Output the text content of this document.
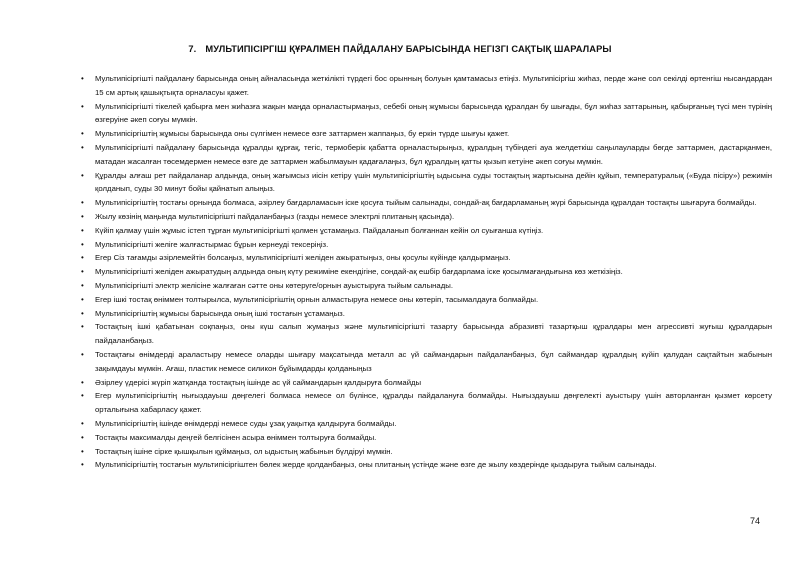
7. МУЛЬТИПІСІРГІШ ҚҰРАЛМЕН ПАЙДАЛАНУ БАРЫСЫНДА НЕГІЗГІ САҚТЫҚ ШАРАЛАРЫ
• Мультипісіргішті пайдалану барысында оның айналасында жеткілікті түрдегі бос орынның болуын қамтамасыз етіңіз. Мультипісіргіш жиһаз, перде және сол секілді өртенгіш нысандардан 15 см артық қашықтықта орналасуы қажет.
• Мультипісіргішті тікелей қабырға мен жиһазға жақын маңда орналастырмаңыз, себебі оның жұмысы барысында құралдан бу шығады, бұл жиһаз заттарының, қабырғаның түсі мен түрінің өзгеруіне әкеп соғуы мүмкін.
• Мультипісіргіштің жұмысы барысында оны сүлгімен немесе өзге заттармен жаппаңыз, бу еркін түрде шығуы қажет.
• Мультипісіргішті пайдалану барысында құралды құрғақ, тегіс, термоберік қабатта орналастырыңыз, құралдың түбіндегі ауа желдеткіш саңылауларды бөгде заттармен, дастарқанмен, матадан жасалған төсемдермен немесе өзге де заттармен жабылмауын қадағалаңыз, бұл құралдың қатты қызып кетуіне әкеп соғуы мүмкін.
• Құралды алғаш рет пайдаланар алдында, оның жағымсыз иісін кетіру үшін мультипісіргіштің ыдысына суды тостақтың жартысына дейін құйып, температуралық («Буда пісіру») режимін қолданып, суды 30 минут бойы қайнатып алыңыз.
• Мультипісіргіштің тостағы орнында болмаса, әзірлеу бағдарламасын іске қосуға тыйым салынады, сондай-ақ бағдарламаның жүрі барысында құралдан тостақты шығаруға болмайды.
• Жылу көзінің маңында мультипісіргішті пайдаланбаңыз (газды немесе электрлі плитаның қасында).
• Күйіп қалмау үшін жұмыс істеп тұрған мультипісіргішті қолмен ұстамаңыз. Пайдаланып болғаннан кейін ол суығанша күтіңіз.
• Мультипісіргішті желіге жалғастырмас бұрын кернеуді тексеріңіз.
• Егер Сіз тағамды әзірлемейтін болсаңыз, мультипісіргішті желіден ажыратыңыз, оны қосулы күйінде қалдырмаңыз.
• Мультипісіргішті желіден ажыратудың алдында оның күту режиміне екендігіне, сондай-ақ ешбір бағдарлама іске қосылмағандығына көз жеткізіңіз.
• Мультипісіргішті электр желісіне жалғаған сәтте оны көтеруге/орнын ауыстыруға тыйым салынады.
• Егер ішкі тостақ өніммен толтырылса, мультипісіргіштің орнын алмастыруға немесе оны көтеріп, тасымалдауға болмайды.
• Мультипісіргіштің жұмысы барысында оның ішкі тостағын ұстамаңыз.
• Тостақтың ішкі қабатынан соқпаңыз, оны күш салып жумаңыз және мультипісіргішті тазарту барысында абразивті тазартқыш құралдары мен агрессивті жуғыш құралдарын пайдаланбаңыз.
• Тостақтағы өнімдерді араластыру немесе оларды шығару мақсатында металл ас үй саймандарын пайдаланбаңыз, бұл саймандар құралдың күйіп қалудан сақтайтын жабынын зақымдауы мүмкін. Ағаш, пластик немесе силикон бұйымдарды қолданыңыз
• Әзірлеу үдерісі жүріп жатқанда тостақтың ішінде ас үй саймандарын қалдыруға болмайды
• Егер мультипісіргіштің нығыздауыш дөңгелегі болмаса немесе ол бүлінсе, құралды пайдалануға болмайды. Нығыздауыш дөңгелекті ауыстыру үшін авторланған қызмет көрсету орталығына хабарласу қажет.
• Мультипісіргіштің ішінде өнімдерді немесе суды ұзақ уақытқа қалдыруға болмайды.
• Тостақты максималды деңгей белгісінен асыра өніммен толтыруға болмайды.
• Тостақтың ішіне сірке қышқылын құймаңыз, ол ыдыстың жабынын бүлдіруі мүмкін.
• Мультипісіргіштің тостағын мультипісіргіштен бөлек жерде қолданбаңыз, оны плитаның үстінде және өзге де жылу көздерінде қыздыруға тыйым салынады.
74
